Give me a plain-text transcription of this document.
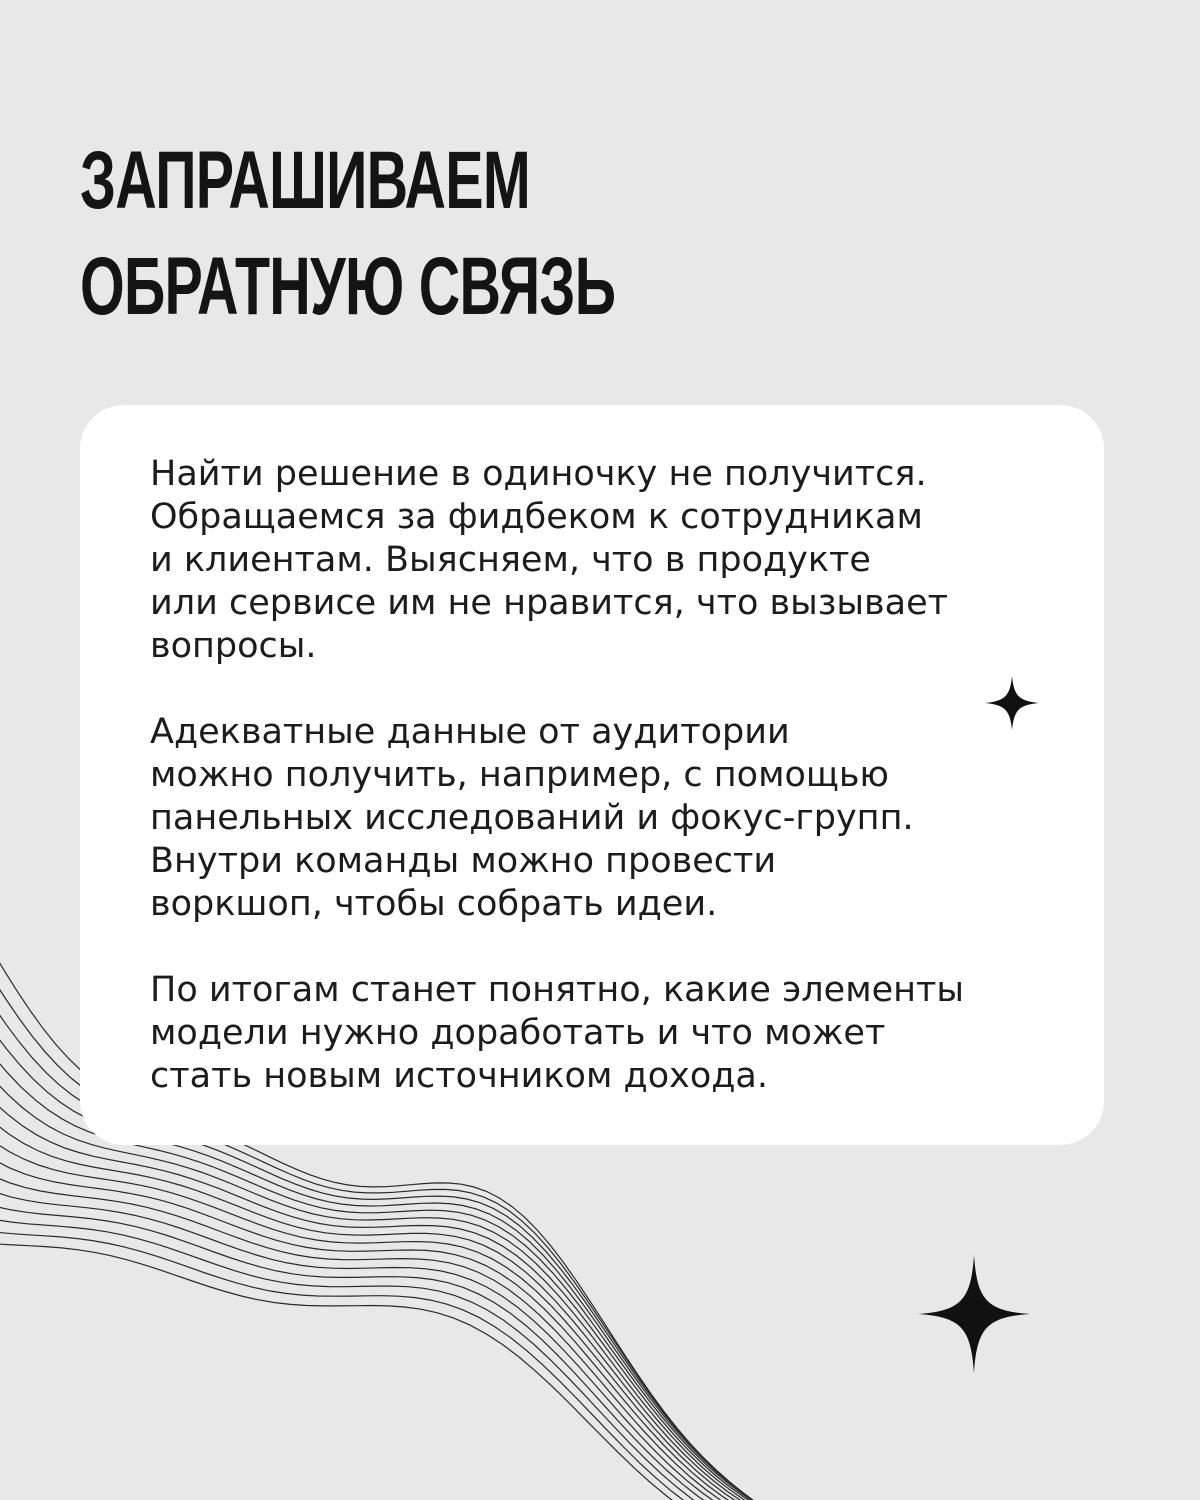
ЗАПРАШИВАЕМ
ОБРАТНУЮ СВЯЗЬ

Найти решение в одиночку не получится.
Обращаемся за фидбеком к сотрудникам
и клиентам. Выясняем, что в продукте
или сервисе им не нравится, что вызывает
вопросы.

Адекватные данные от аудитории
можно получить, например, с помощью
панельных исследований и фокус-групп.
Внутри команды можно провести
воркшоп, чтобы собрать идеи.

По итогам станет понятно, какие элементы
модели нужно доработать и что может
стать новым источником дохода.
